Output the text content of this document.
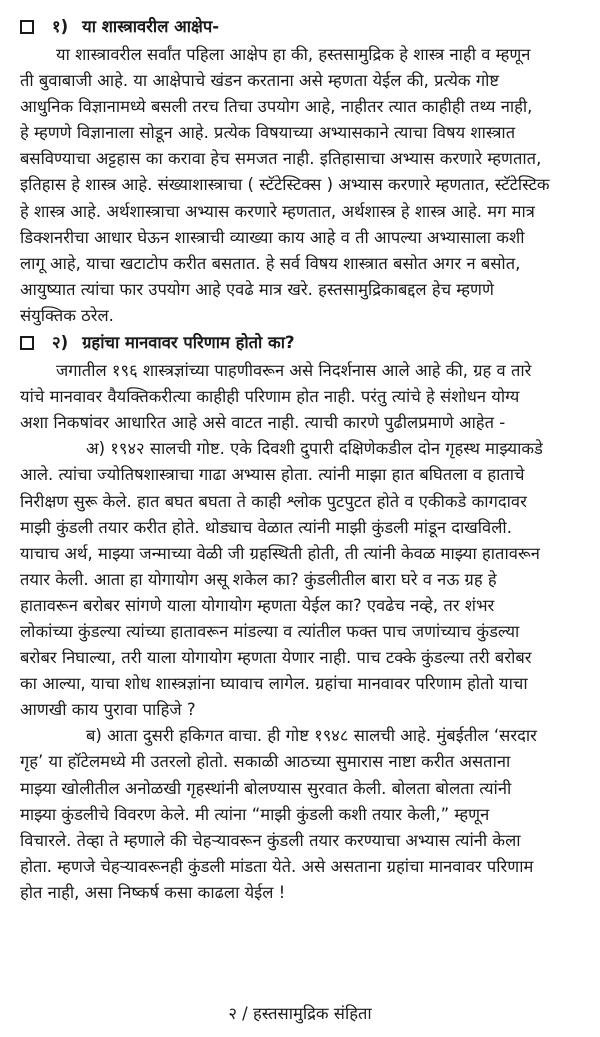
१) या शास्त्रावरील आक्षेप-
या शास्त्रावरील सर्वांत पहिला आक्षेप हा की, हस्तसामुद्रिक हे शास्त्र नाही व म्हणून
ती बुवाबाजी आहे. या आक्षेपाचे खंडन करताना असे म्हणता येईल की, प्रत्येक गोष्ट
आधुनिक विज्ञानामध्ये बसली तरच तिचा उपयोग आहे, नाहीतर त्यात काहीही तथ्य नाही,
हे म्हणणे विज्ञानाला सोडून आहे. प्रत्येक विषयाच्या अभ्यासकाने त्याचा विषय शास्त्रात
बसविण्याचा अट्टहास का करावा हेच समजत नाही. इतिहासाचा अभ्यास करणारे म्हणतात,
इतिहास हे शास्त्र आहे. संख्याशास्त्राचा ( स्टॅटेस्टिक्स ) अभ्यास करणारे म्हणतात, स्टॅटेस्टिक
हे शास्त्र आहे. अर्थशास्त्राचा अभ्यास करणारे म्हणतात, अर्थशास्त्र हे शास्त्र आहे. मग मात्र
डिक्शनरीचा आधार घेऊन शास्त्राची व्याख्या काय आहे व ती आपल्या अभ्यासाला कशी
लागू आहे, याचा खटाटोप करीत बसतात. हे सर्व विषय शास्त्रात बसोत अगर न बसोत,
आयुष्यात त्यांचा फार उपयोग आहे एवढे मात्र खरे. हस्तसामुद्रिकाबद्दल हेच म्हणणे
संयुक्तिक ठरेल.
२) ग्रहांचा मानवावर परिणाम होतो का?
जगातील १९६ शास्त्रज्ञांच्या पाहणीवरून असे निदर्शनास आले आहे की, ग्रह व तारे
यांचे मानवावर वैयक्तिकरीत्या काहीही परिणाम होत नाही. परंतु त्यांचे हे संशोधन योग्य
अशा निकषांवर आधारित आहे असे वाटत नाही. त्याची कारणे पुढीलप्रमाणे आहेत -
अ) १९४२ सालची गोष्ट. एके दिवशी दुपारी दक्षिणेकडील दोन गृहस्थ माझ्याकडे
आले. त्यांचा ज्योतिषशास्त्राचा गाढा अभ्यास होता. त्यांनी माझा हात बघितला व हाताचे
निरीक्षण सुरू केले. हात बघत बघता ते काही श्लोक पुटपुटत होते व एकीकडे कागदावर
माझी कुंडली तयार करीत होते. थोड्याच वेळात त्यांनी माझी कुंडली मांडून दाखविली.
याचाच अर्थ, माझ्या जन्माच्या वेळी जी ग्रहस्थिती होती, ती त्यांनी केवळ माझ्या हातावरून
तयार केली. आता हा योगायोग असू शकेल का? कुंडलीतील बारा घरे व नऊ ग्रह हे
हातावरून बरोबर सांगणे याला योगायोग म्हणता येईल का? एवढेच नव्हे, तर शंभर
लोकांच्या कुंडल्या त्यांच्या हातावरून मांडल्या व त्यांतील फक्त पाच जणांच्याच कुंडल्या
बरोबर निघाल्या, तरी याला योगायोग म्हणता येणार नाही. पाच टक्के कुंडल्या तरी बरोबर
का आल्या, याचा शोध शास्त्रज्ञांना घ्यावाच लागेल. ग्रहांचा मानवावर परिणाम होतो याचा
आणखी काय पुरावा पाहिजे ?
ब) आता दुसरी हकिगत वाचा. ही गोष्ट १९४८ सालची आहे. मुंबईतील ‘सरदार
गृह’ या हॉटेलमध्ये मी उतरलो होतो. सकाळी आठच्या सुमारास नाष्टा करीत असताना
माझ्या खोलीतील अनोळखी गृहस्थांनी बोलण्यास सुरवात केली. बोलता बोलता त्यांनी
माझ्या कुंडलीचे विवरण केले. मी त्यांना “माझी कुंडली कशी तयार केली,” म्हणून
विचारले. तेव्हा ते म्हणाले की चेहऱ्यावरून कुंडली तयार करण्याचा अभ्यास त्यांनी केला
होता. म्हणजे चेहऱ्यावरूनही कुंडली मांडता येते. असे असताना ग्रहांचा मानवावर परिणाम
होत नाही, असा निष्कर्ष कसा काढला येईल !
२ / हस्तसामुद्रिक संहिता
